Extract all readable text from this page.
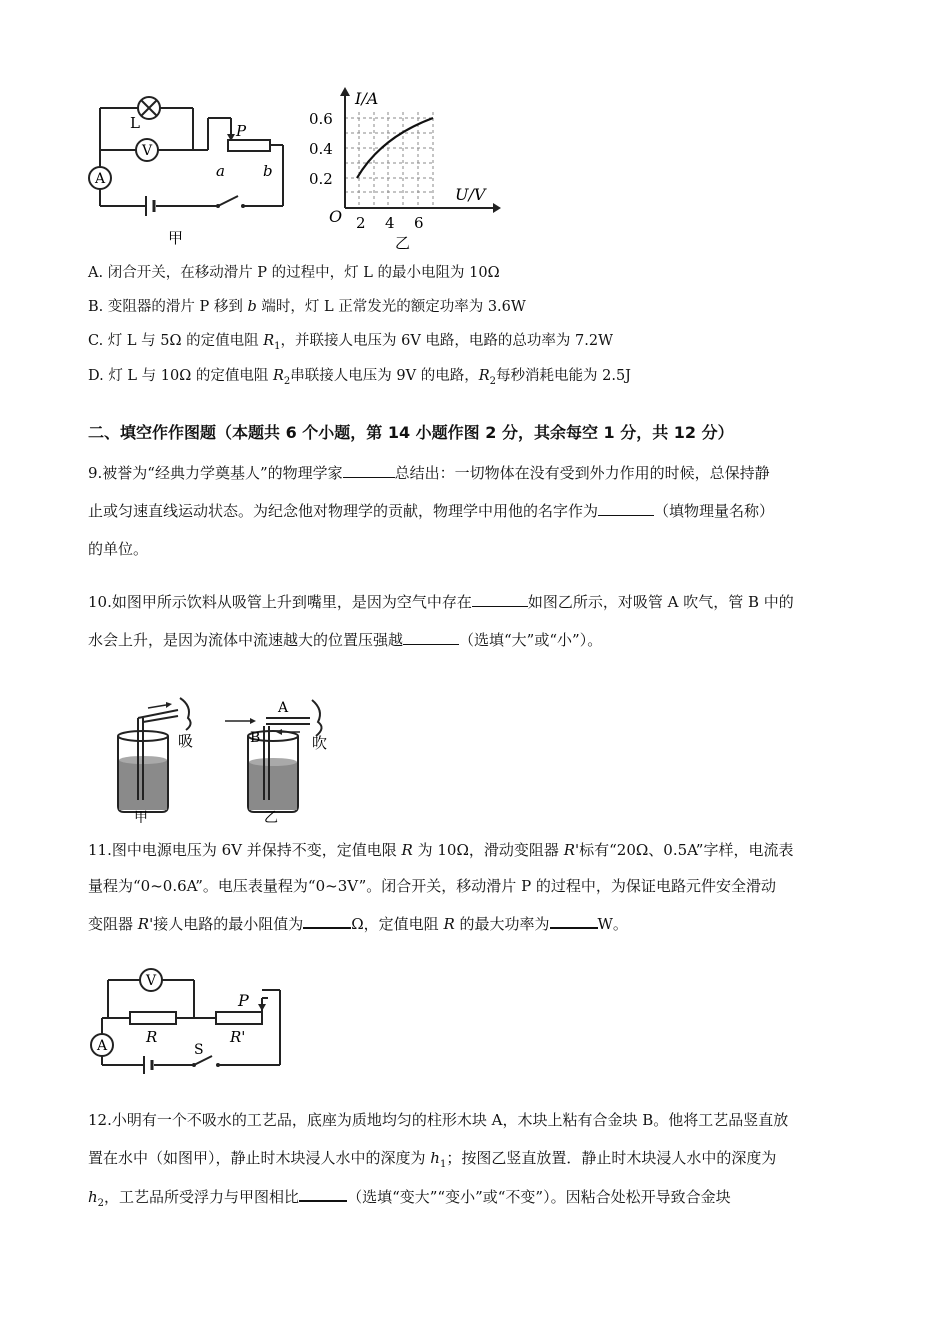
V
A
L	P
a	b
甲
I/A
U/V
O
0.6
0.4
0.2
2 4 6
乙
A. 闭合开关，在移动滑片 P 的过程中，灯 L 的最小电阻为 10Ω
B. 变阻器的滑片 P 移到 b 端时，灯 L 正常发光的额定功率为 3.6W
C. 灯 L 与 5Ω 的定值电阻 $R_1$，并联接人电压为 6V 电路，电路的总功率为 7.2W
D. 灯 L 与 10Ω 的定值电阻 $R_2$串联接人电压为 9V 的电路，$R_2$每秒消耗电能为 2.5J
二、填空作作图题（本题共 6 个小题，第 14 小题作图 2 分，其余每空 1 分，共 12 分）
9.被誉为“经典力学奠基人”的物理学家	总结出：一切物体在没有受到外力作用的时候，总保持静
止或匀速直线运动状态。为纪念他对物理学的贡献，物理学中用他的名字作为	（填物理量名称）
的单位。
10.如图甲所示饮料从吸管上升到嘴里，是因为空气中存在	如图乙所示，对吸管 A 吹气，管 B 中的
水会上升，是因为流体中流速越大的位置压强越	（选填“大”或“小”）。
吸
甲
A
B	吹
乙
11.图中电源电压为 6V 并保持不变，定值电限 R 为 10Ω，滑动变阻器 R'标有“20Ω、0.5A”字样，电流表
量程为“0~0.6A”。电压表量程为“0~3V”。闭合开关，移动滑片 P 的过程中，为保证电路元件安全滑动
变阻器 R'接人电路的最小阻值为	Ω，定值电阻 R 的最大功率为	W。
V
A	R	R'
P
S
12.小明有一个不吸水的工艺品，底座为质地均匀的柱形木块 A，木块上粘有合金块 B。他将工艺品竖直放
置在水中（如图甲），静止时木块浸人水中的深度为 $h_1$；按图乙竖直放置．静止时木块浸人水中的深度为
$h_2$，工艺品所受浮力与甲图相比	（选填“变大”“变小”或“不变”）。因粘合处松开导致合金块
